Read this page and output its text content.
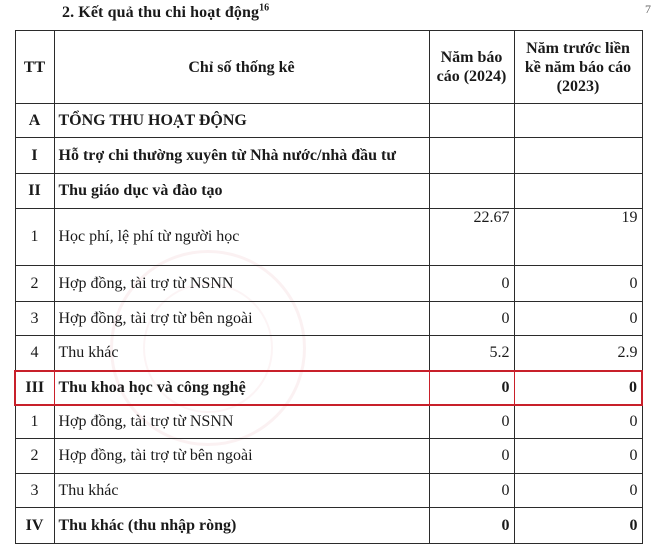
2. Kết quả thu chi hoạt động$^{16}$	7
TT	Chỉ số thống kê	Năm báo cáo (2024)	Năm trước liền kề năm báo cáo (2023)
A	TỔNG THU HOẠT ĐỘNG		
I	Hỗ trợ chi thường xuyên từ Nhà nước/nhà đầu tư		
II	Thu giáo dục và đào tạo		
1	Học phí, lệ phí từ người học	22.67	19
2	Hợp đồng, tài trợ từ NSNN	0	0
3	Hợp đồng, tài trợ từ bên ngoài	0	0
4	Thu khác	5.2	2.9
III	Thu khoa học và công nghệ	0	0
1	Hợp đồng, tài trợ từ NSNN	0	0
2	Hợp đồng, tài trợ từ bên ngoài	0	0
3	Thu khác	0	0
IV	Thu khác (thu nhập ròng)	0	0
